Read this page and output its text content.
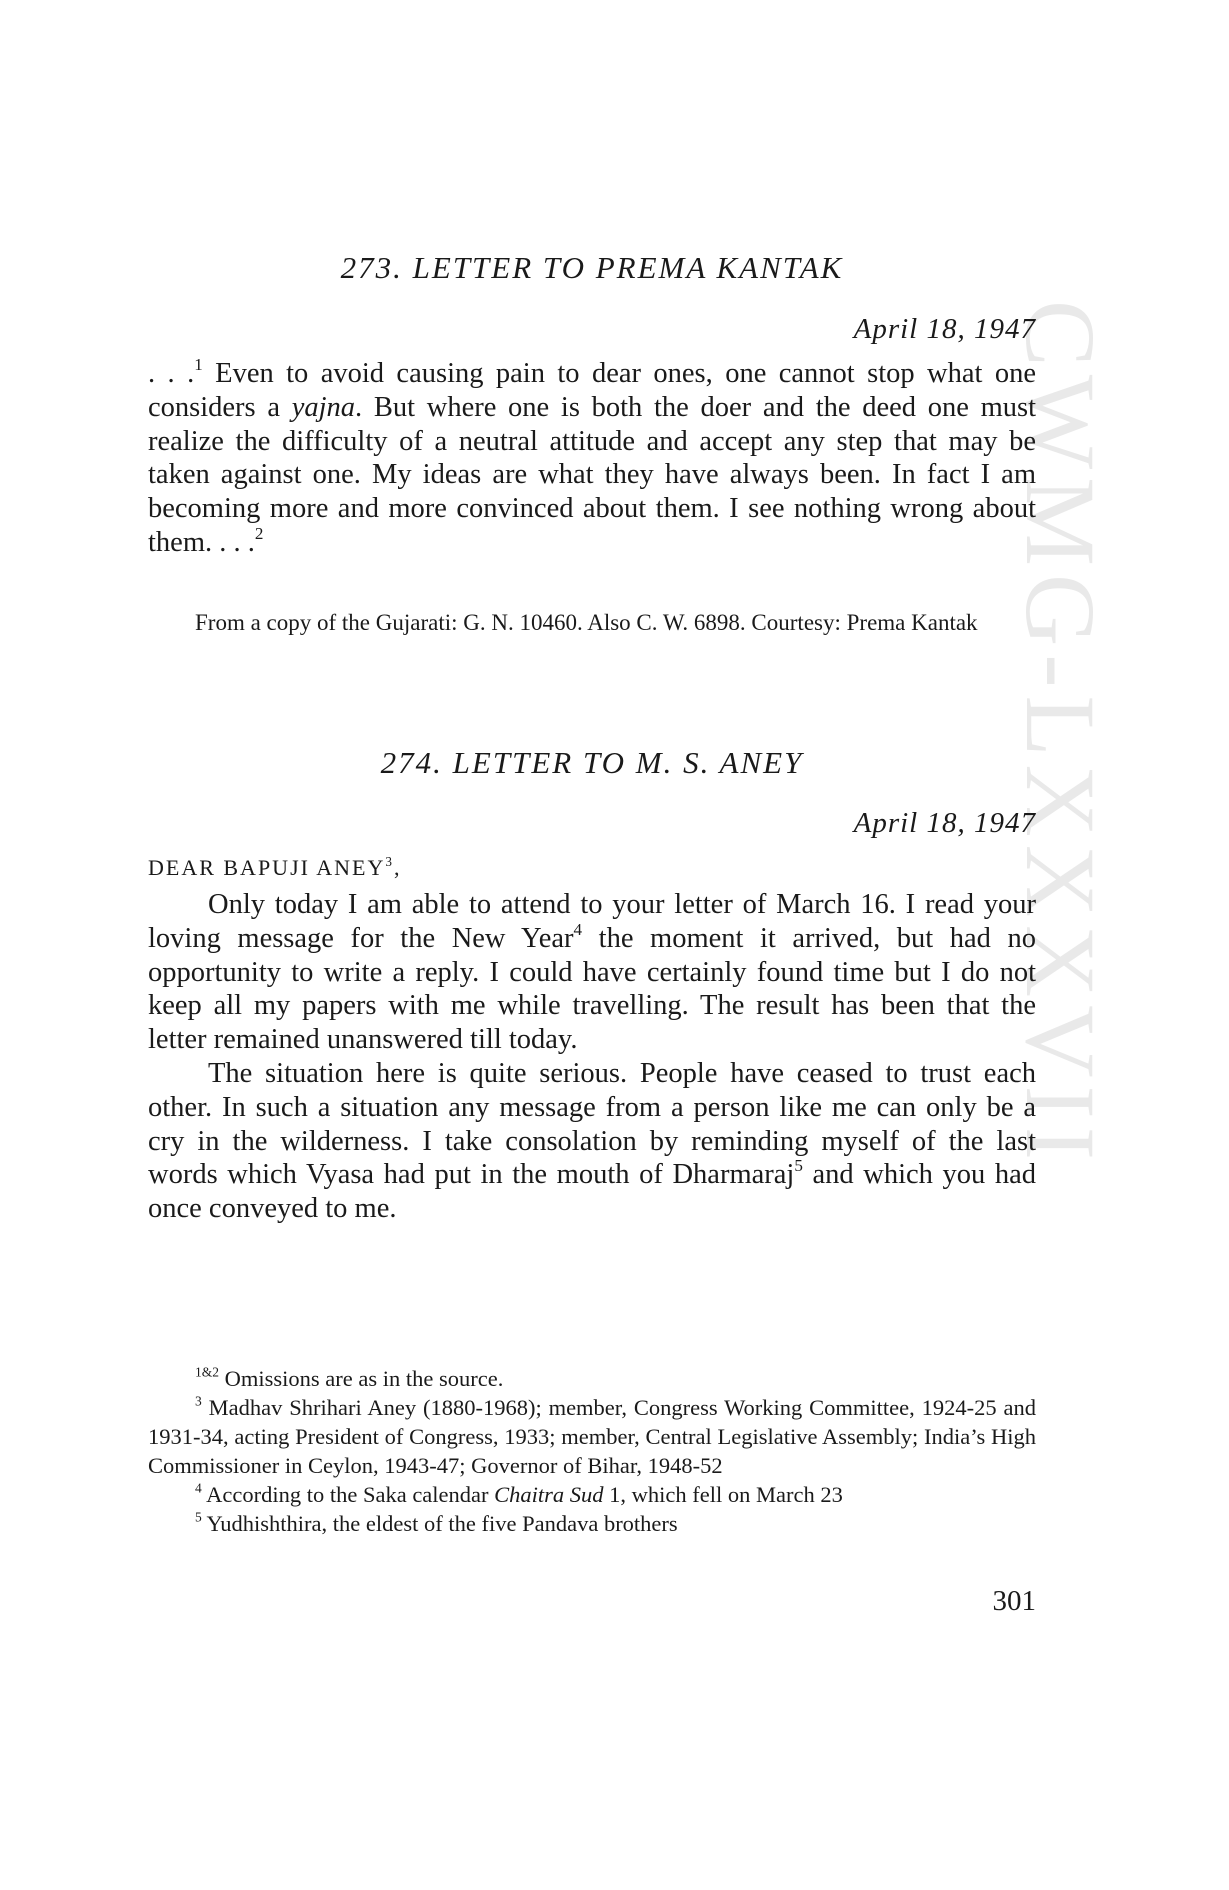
CWMG-LXXXVII
273. LETTER TO PREMA KANTAK
April 18, 1947

. . .$^1$ Even to avoid causing pain to dear ones, one cannot stop what one considers a yajna. But where one is both the doer and the deed one must realize the difficulty of a neutral attitude and accept any step that may be taken against one. My ideas are what they have always been. In fact I am becoming more and more convinced about them. I see nothing wrong about them. . . .$^2$

From a copy of the Gujarati: G. N. 10460. Also C. W. 6898. Courtesy: Prema Kantak
274. LETTER TO M. S. ANEY
April 18, 1947
DEAR BAPUJI ANEY$^3$,

Only today I am able to attend to your letter of March 16. I read your loving message for the New Year$^4$ the moment it arrived, but had no opportunity to write a reply. I could have certainly found time but I do not keep all my papers with me while travelling. The result has been that the letter remained unanswered till today.

The situation here is quite serious. People have ceased to trust each other. In such a situation any message from a person like me can only be a cry in the wilderness. I take consolation by reminding myself of the last words which Vyasa had put in the mouth of Dharmaraj$^5$ and which you had once conveyed to me.

$^{1\&2}$ Omissions are as in the source.

$^3$ Madhav Shrihari Aney (1880-1968); member, Congress Working Committee, 1924-25 and 1931-34, acting President of Congress, 1933; member, Central Legislative Assembly; India’s High Commissioner in Ceylon, 1943-47; Governor of Bihar, 1948-52

$^4$ According to the Saka calendar Chaitra Sud 1, which fell on March 23

$^5$ Yudhishthira, the eldest of the five Pandava brothers

301
